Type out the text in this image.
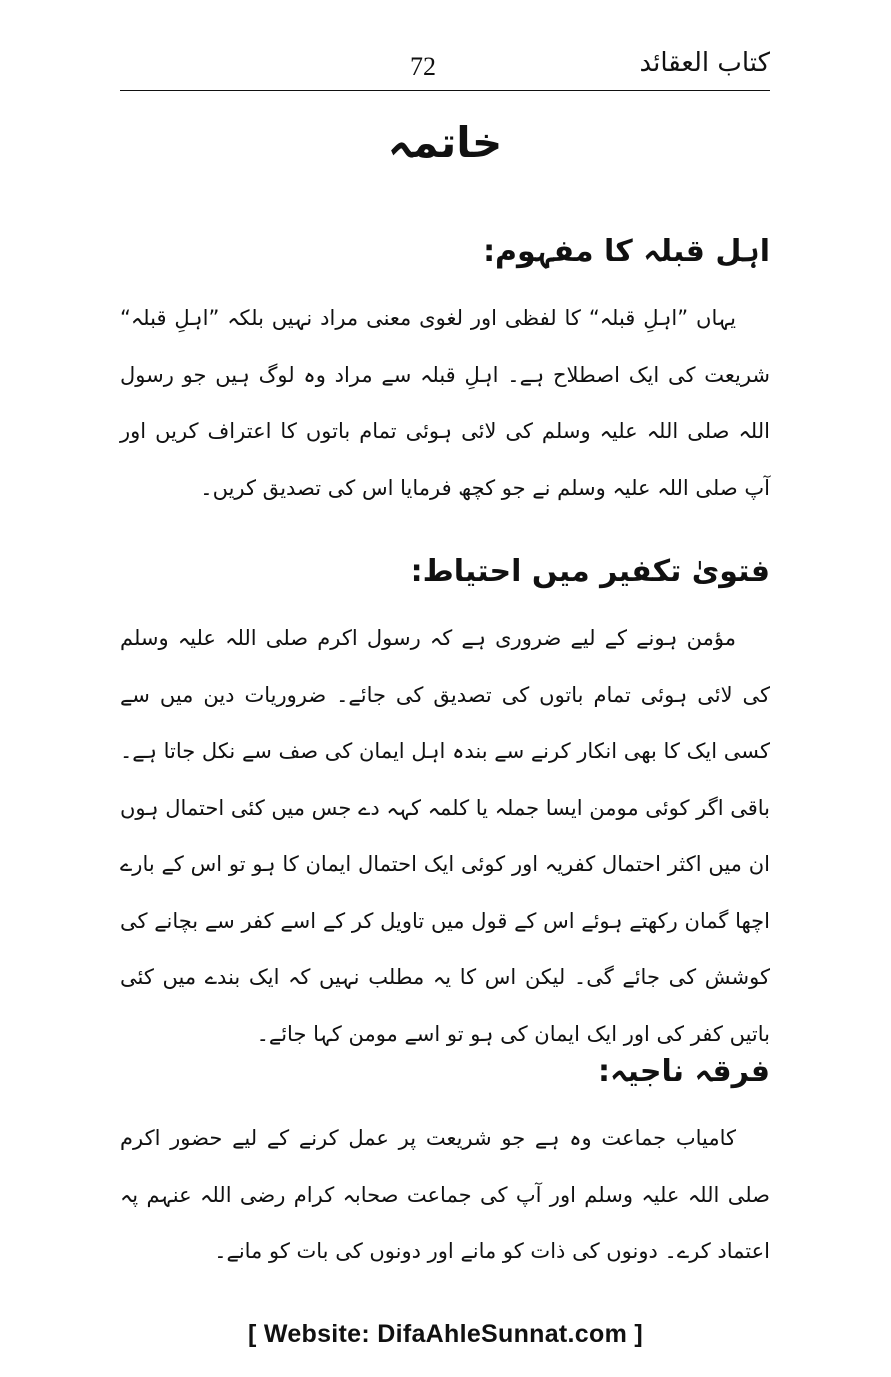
کتاب العقائد
72
خاتمہ
اہل قبلہ کا مفہوم:

یہاں ”اہلِ قبلہ“ کا لفظی اور لغوی معنی مراد نہیں بلکہ ”اہلِ قبلہ“ شریعت کی ایک اصطلاح ہے۔ اہلِ قبلہ سے مراد وہ لوگ ہیں جو رسول اللہ صلی اللہ علیہ وسلم کی لائی ہوئی تمام باتوں کا اعتراف کریں اور آپ صلی اللہ علیہ وسلم نے جو کچھ فرمایا اس کی تصدیق کریں۔

فتویٰ تکفیر میں احتیاط:

مؤمن ہونے کے لیے ضروری ہے کہ رسول اکرم صلی اللہ علیہ وسلم کی لائی ہوئی تمام باتوں کی تصدیق کی جائے۔ ضروریات دین میں سے کسی ایک کا بھی انکار کرنے سے بندہ اہل ایمان کی صف سے نکل جاتا ہے۔ باقی اگر کوئی مومن ایسا جملہ یا کلمہ کہہ دے جس میں کئی احتمال ہوں ان میں اکثر احتمال کفریہ اور کوئی ایک احتمال ایمان کا ہو تو اس کے بارے اچھا گمان رکھتے ہوئے اس کے قول میں تاویل کر کے اسے کفر سے بچانے کی کوشش کی جائے گی۔ لیکن اس کا یہ مطلب نہیں کہ ایک بندے میں کئی باتیں کفر کی اور ایک ایمان کی ہو تو اسے مومن کہا جائے۔

فرقہ ناجیہ:

کامیاب جماعت وہ ہے جو شریعت پر عمل کرنے کے لیے حضور اکرم صلی اللہ علیہ وسلم اور آپ کی جماعت صحابہ کرام رضی اللہ عنہم پہ اعتماد کرے۔ دونوں کی ذات کو مانے اور دونوں کی بات کو مانے۔

[ Website: DifaAhleSunnat.com ]
